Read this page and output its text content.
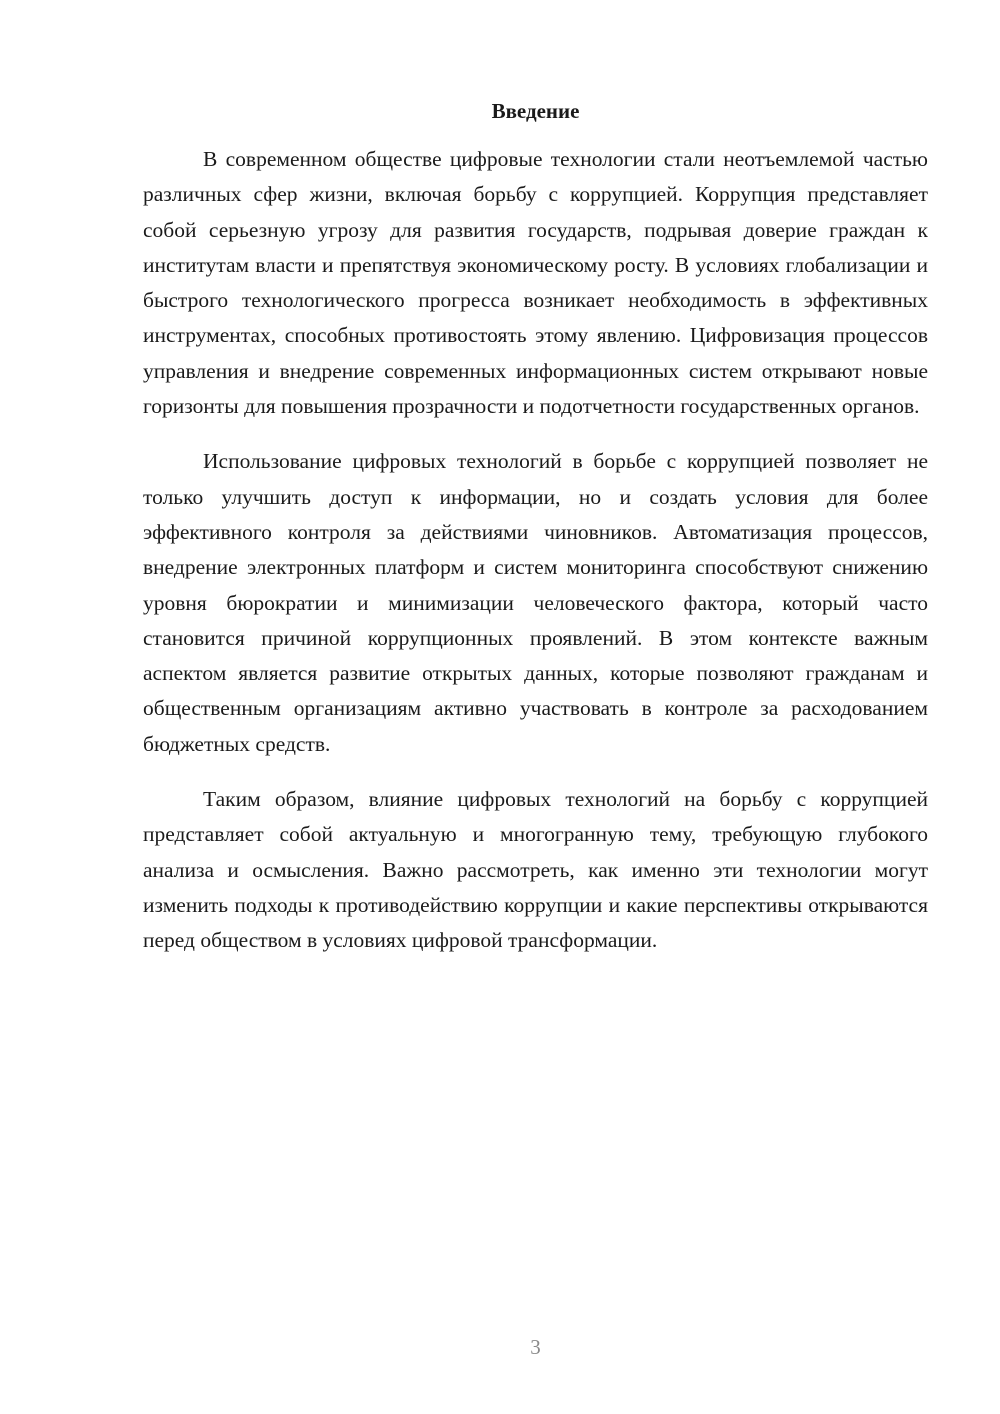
Введение

В современном обществе цифровые технологии стали неотъемлемой частью различных сфер жизни, включая борьбу с коррупцией. Коррупция представляет собой серьезную угрозу для развития государств, подрывая доверие граждан к институтам власти и препятствуя экономическому росту. В условиях глобализации и быстрого технологического прогресса возникает необходимость в эффективных инструментах, способных противостоять этому явлению. Цифровизация процессов управления и внедрение современных информационных систем открывают новые горизонты для повышения прозрачности и подотчетности государственных органов.

Использование цифровых технологий в борьбе с коррупцией позволяет не только улучшить доступ к информации, но и создать условия для более эффективного контроля за действиями чиновников. Автоматизация процессов, внедрение электронных платформ и систем мониторинга способствуют снижению уровня бюрократии и минимизации человеческого фактора, который часто становится причиной коррупционных проявлений. В этом контексте важным аспектом является развитие открытых данных, которые позволяют гражданам и общественным организациям активно участвовать в контроле за расходованием бюджетных средств.

Таким образом, влияние цифровых технологий на борьбу с коррупцией представляет собой актуальную и многогранную тему, требующую глубокого анализа и осмысления. Важно рассмотреть, как именно эти технологии могут изменить подходы к противодействию коррупции и какие перспективы открываются перед обществом в условиях цифровой трансформации.

3
